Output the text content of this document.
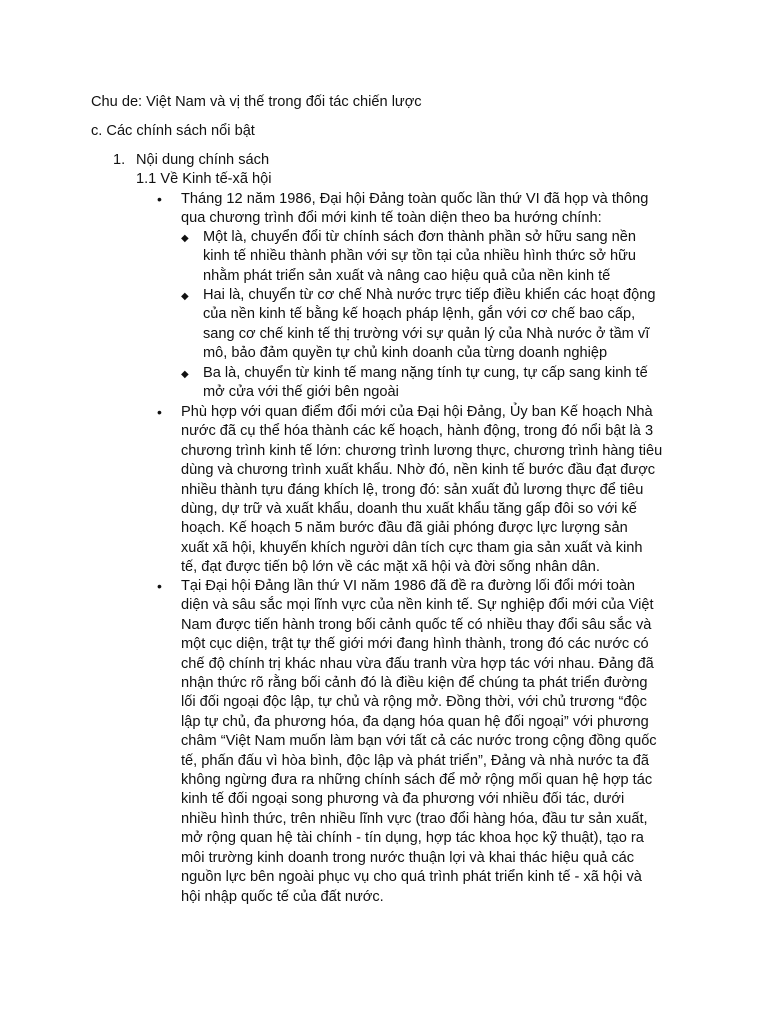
Chu de: Việt Nam và vị thế trong đối tác chiến lược
c. Các chính sách nổi bật
1. Nội dung chính sách
1.1 Về Kinh tế-xã hội
• Tháng 12 năm 1986, Đại hội Đảng toàn quốc lần thứ VI đã họp và thông

qua chương trình đổi mới kinh tế toàn diện theo ba hướng chính:

◆ Một là, chuyển đổi từ chính sách đơn thành phần sở hữu sang nền

kinh tế nhiều thành phần với sự tồn tại của nhiều hình thức sở hữu

nhằm phát triển sản xuất và nâng cao hiệu quả của nền kinh tế

◆ Hai là, chuyển từ cơ chế Nhà nước trực tiếp điều khiển các hoạt động

của nền kinh tế bằng kế hoạch pháp lệnh, gắn với cơ chế bao cấp,

sang cơ chế kinh tế thị trường với sự quản lý của Nhà nước ở tầm vĩ

mô, bảo đảm quyền tự chủ kinh doanh của từng doanh nghiệp

◆ Ba là, chuyển từ kinh tế mang nặng tính tự cung, tự cấp sang kinh tế

mở cửa với thế giới bên ngoài

• Phù hợp với quan điểm đổi mới của Đại hội Đảng, Ủy ban Kế hoạch Nhà

nước đã cụ thể hóa thành các kế hoạch, hành động, trong đó nổi bật là 3

chương trình kinh tế lớn: chương trình lương thực, chương trình hàng tiêu

dùng và chương trình xuất khẩu. Nhờ đó, nền kinh tế bước đầu đạt được

nhiều thành tựu đáng khích lệ, trong đó: sản xuất đủ lương thực để tiêu

dùng, dự trữ và xuất khẩu, doanh thu xuất khẩu tăng gấp đôi so với kế

hoạch. Kế hoạch 5 năm bước đầu đã giải phóng được lực lượng sản

xuất xã hội, khuyến khích người dân tích cực tham gia sản xuất và kinh

tế, đạt được tiến bộ lớn về các mặt xã hội và đời sống nhân dân.

• Tại Đại hội Đảng lần thứ VI năm 1986 đã đề ra đường lối đổi mới toàn

diện và sâu sắc mọi lĩnh vực của nền kinh tế. Sự nghiệp đổi mới của Việt

Nam được tiến hành trong bối cảnh quốc tế có nhiều thay đổi sâu sắc và

một cục diện, trật tự thế giới mới đang hình thành, trong đó các nước có

chế độ chính trị khác nhau vừa đấu tranh vừa hợp tác với nhau. Đảng đã

nhận thức rõ rằng bối cảnh đó là điều kiện để chúng ta phát triển đường

lối đối ngoại độc lập, tự chủ và rộng mở. Đồng thời, với chủ trương “độc

lập tự chủ, đa phương hóa, đa dạng hóa quan hệ đối ngoại” với phương

châm “Việt Nam muốn làm bạn với tất cả các nước trong cộng đồng quốc

tế, phấn đấu vì hòa bình, độc lập và phát triển”, Đảng và nhà nước ta đã

không ngừng đưa ra những chính sách để mở rộng mối quan hệ hợp tác

kinh tế đối ngoại song phương và đa phương với nhiều đối tác, dưới

nhiều hình thức, trên nhiều lĩnh vực (trao đổi hàng hóa, đầu tư sản xuất,

mở rộng quan hệ tài chính - tín dụng, hợp tác khoa học kỹ thuật), tạo ra

môi trường kinh doanh trong nước thuận lợi và khai thác hiệu quả các

nguồn lực bên ngoài phục vụ cho quá trình phát triển kinh tế - xã hội và

hội nhập quốc tế của đất nước.
